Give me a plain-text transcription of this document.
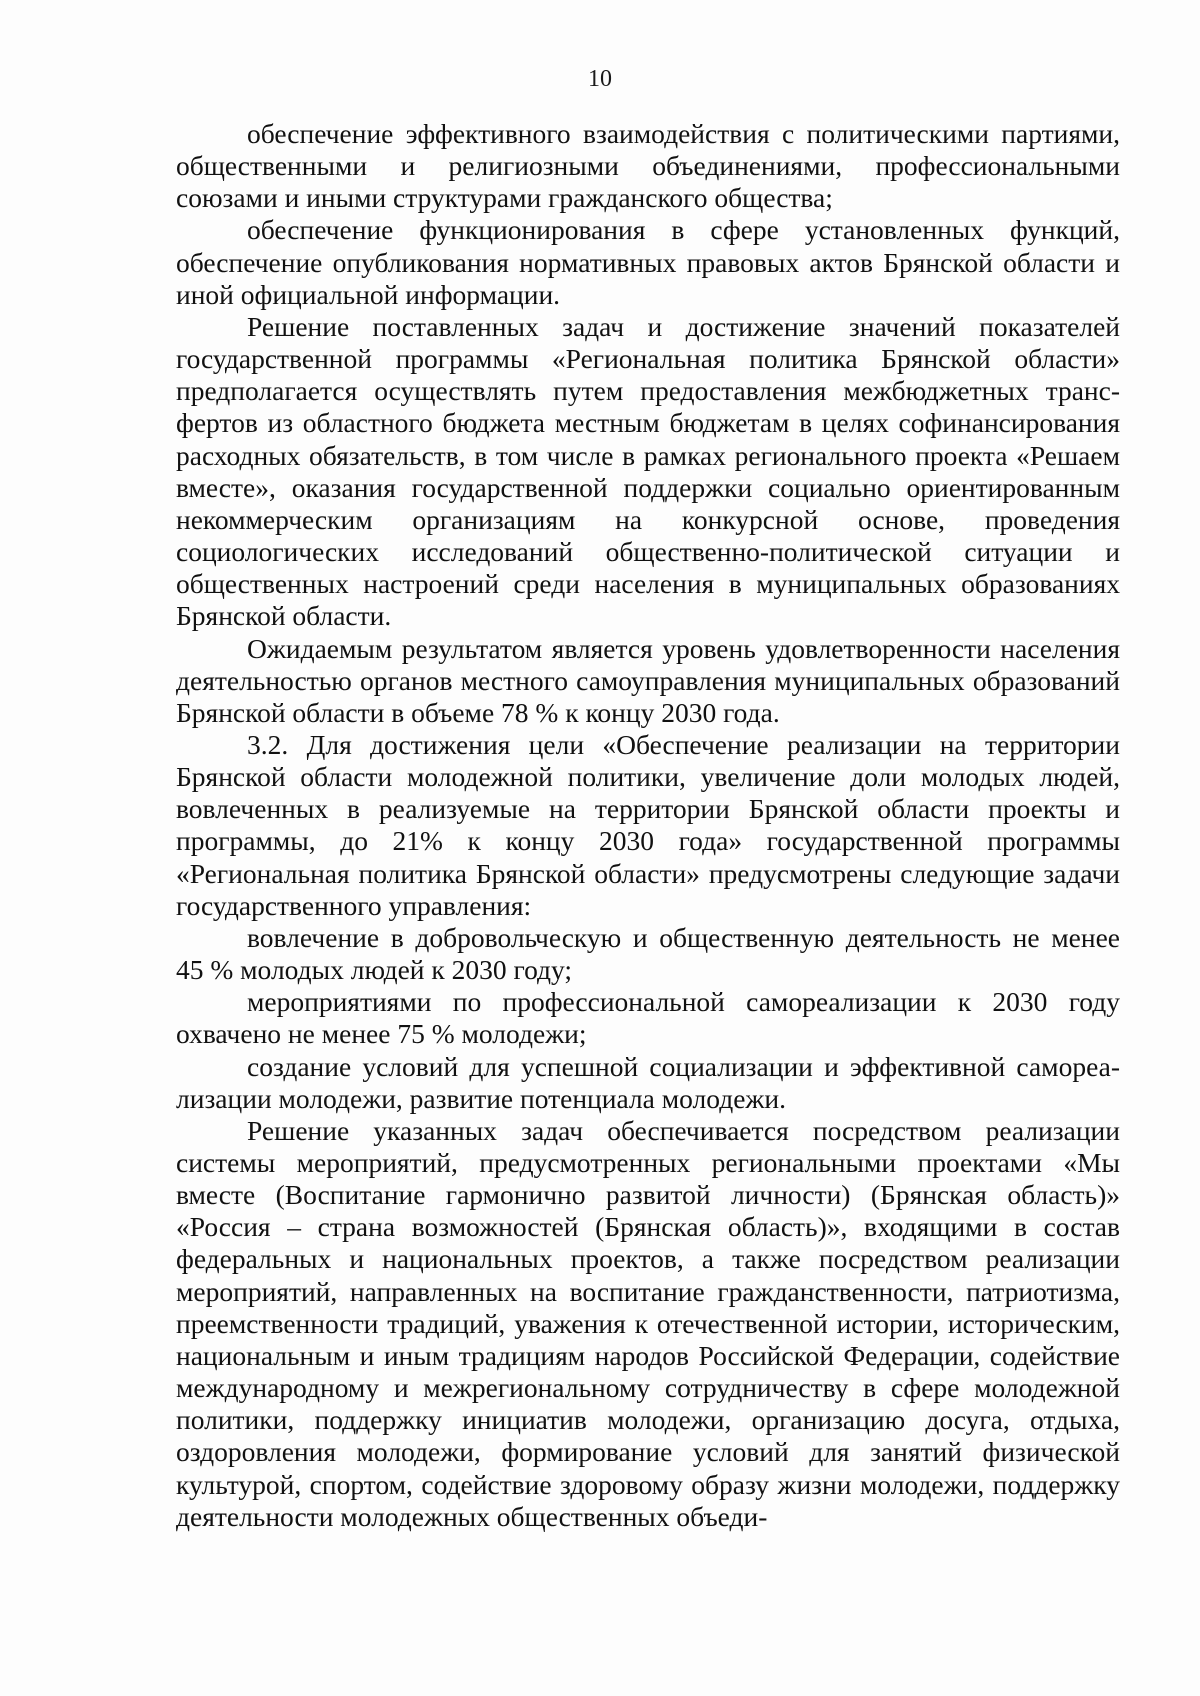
10

обеспечение эффективного взаимодействия с политическими партиями, общественными и религиозными объединениями, профессиональными союзами и иными структурами гражданского общества;

обеспечение функционирования в сфере установленных функций, обеспечение опубликования нормативных правовых актов Брянской области и иной официальной информации.

Решение поставленных задач и достижение значений показателей государственной программы «Региональная политика Брянской области» предполагается осуществлять путем предоставления межбюджетных трансфертов из областного бюджета местным бюджетам в целях софинансирования расходных обязательств, в том числе в рамках регионального проекта «Решаем вместе», оказания государственной поддержки социально ориентированным некоммерческим организациям на конкурсной основе, проведения социологических исследований общественно-политической ситуации и общественных настроений среди населения в муниципальных образованиях Брянской области.

Ожидаемым результатом является уровень удовлетворенности населения деятельностью органов местного самоуправления муниципальных образований Брянской области в объеме 78 % к концу 2030 года.

3.2. Для достижения цели «Обеспечение реализации на территории Брянской области молодежной политики, увеличение доли молодых людей, вовлеченных в реализуемые на территории Брянской области проекты и программы, до 21% к концу 2030 года» государственной программы «Региональная политика Брянской области» предусмотрены следующие задачи государственного управления:

вовлечение в добровольческую и общественную деятельность не менее 45 % молодых людей к 2030 году;

мероприятиями по профессиональной самореализации к 2030 году охвачено не менее 75 % молодежи;

создание условий для успешной социализации и эффективной самореализации молодежи, развитие потенциала молодежи.

Решение указанных задач обеспечивается посредством реализации системы мероприятий, предусмотренных региональными проектами «Мы вместе (Воспитание гармонично развитой личности) (Брянская область)» «Россия – страна возможностей (Брянская область)», входящими в состав федеральных и национальных проектов, а также посредством реализации мероприятий, направленных на воспитание гражданственности, патриотизма, преемственности традиций, уважения к отечественной истории, историческим, национальным и иным традициям народов Российской Федерации, содействие международному и межрегиональному сотрудничеству в сфере молодежной политики, поддержку инициатив молодежи, организацию досуга, отдыха, оздоровления молодежи, формирование условий для занятий физической культурой, спортом, содействие здоровому образу жизни молодежи, поддержку деятельности молодежных общественных объеди-
